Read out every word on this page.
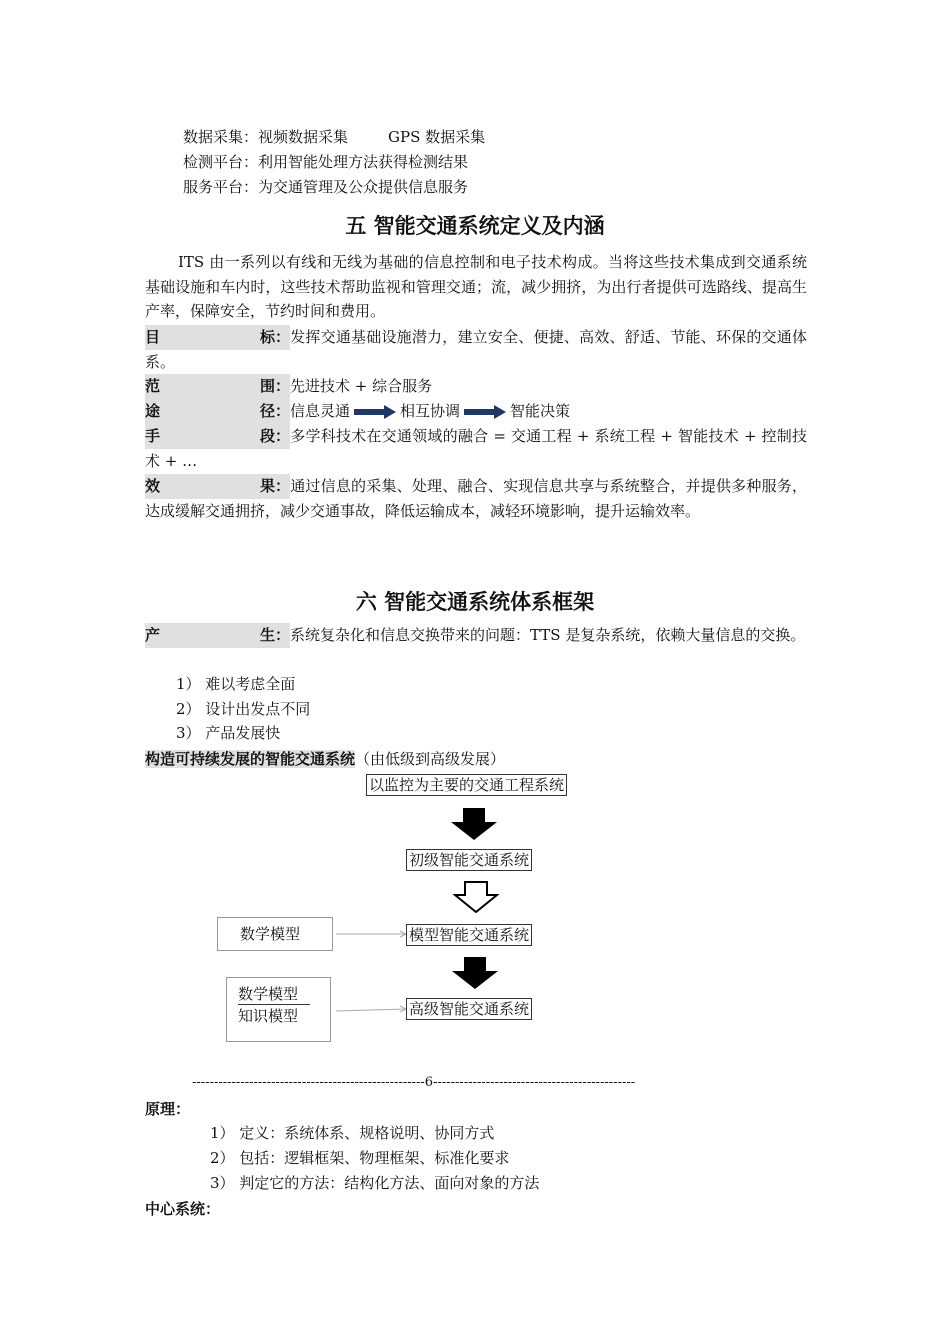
数据采集：视频数据采集	GPS 数据采集
检测平台：利用智能处理方法获得检测结果
服务平台：为交通管理及公众提供信息服务
五 智能交通系统定义及内涵
ITS 由一系列以有线和无线为基础的信息控制和电子技术构成。当将这些技术集成到交通系统基础设施和车内时，这些技术帮助监视和管理交通；流，减少拥挤，为出行者提供可选路线、提高生产率，保障安全，节约时间和费用。
目	标： 发挥交通基础设施潜力，建立安全、便捷、高效、舒适、节能、环保的交通体系。
范	围： 先进技术 + 综合服务
途	径： 信息灵通	相互协调	智能决策
手	段： 多学科技术在交通领域的融合 = 交通工程 + 系统工程 + 智能技术 + 控制技术 + …
效	果： 通过信息的采集、处理、融合、实现信息共享与系统整合，并提供多种服务，达成缓解交通拥挤，减少交通事故，降低运输成本，减轻环境影响，提升运输效率。
六 智能交通系统体系框架
产	生： 系统复杂化和信息交换带来的问题：TTS 是复杂系统，依赖大量信息的交换。
1） 难以考虑全面
2） 设计出发点不同
3） 产品发展快
构造可持续发展的智能交通系统（由低级到高级发展）
以监控为主要的交通工程系统
初级智能交通系统
数学模型	模型智能交通系统
数学模型
知识模型	高级智能交通系统
-----------------------------------------------------6----------------------------------------------
原理：
1） 定义：系统体系、规格说明、协同方式
2） 包括：逻辑框架、物理框架、标准化要求
3） 判定它的方法：结构化方法、面向对象的方法
中心系统：
